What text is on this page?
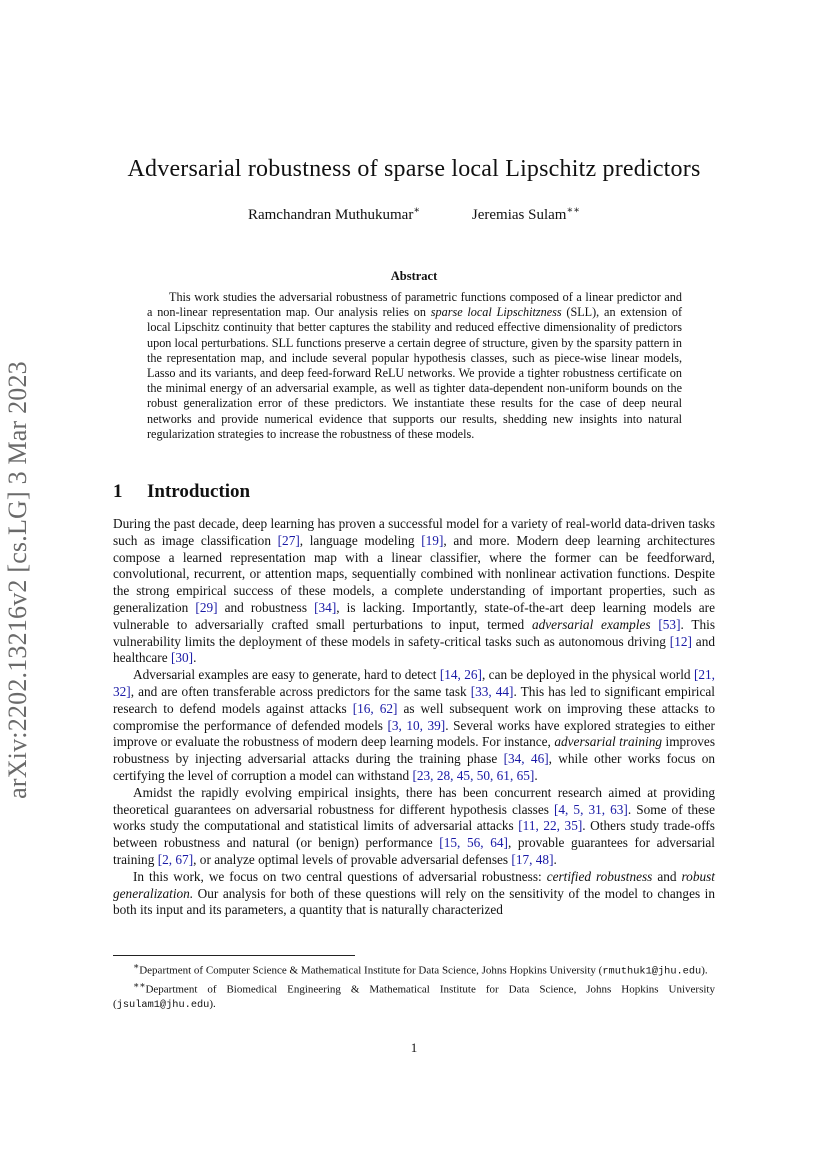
arXiv:2202.13216v2 [cs.LG] 3 Mar 2023
Adversarial robustness of sparse local Lipschitz predictors
Ramchandran Muthukumar∗	Jeremias Sulam∗∗
Abstract

This work studies the adversarial robustness of parametric functions composed of a linear predictor and a non-linear representation map. Our analysis relies on sparse local Lipschitzness (SLL), an extension of local Lipschitz continuity that better captures the stability and reduced effective dimensionality of predictors upon local perturbations. SLL functions preserve a certain degree of structure, given by the sparsity pattern in the representation map, and include several popular hypothesis classes, such as piece-wise linear models, Lasso and its variants, and deep feed-forward ReLU networks. We provide a tighter robustness certificate on the minimal energy of an adversarial example, as well as tighter data-dependent non-uniform bounds on the robust generalization error of these predictors. We instantiate these results for the case of deep neural networks and provide numerical evidence that supports our results, shedding new insights into natural regularization strategies to increase the robustness of these models.

1 Introduction

During the past decade, deep learning has proven a successful model for a variety of real-world data-driven tasks such as image classification [27], language modeling [19], and more. Modern deep learning architectures compose a learned representation map with a linear classifier, where the former can be feedforward, convolutional, recurrent, or attention maps, sequentially combined with nonlinear activation functions. Despite the strong empirical success of these models, a complete understanding of important properties, such as generalization [29] and robustness [34], is lacking. Importantly, state-of-the-art deep learning models are vulnerable to adversarially crafted small perturbations to input, termed adversarial examples [53]. This vulnerability limits the deployment of these models in safety-critical tasks such as autonomous driving [12] and healthcare [30].

Adversarial examples are easy to generate, hard to detect [14, 26], can be deployed in the physical world [21, 32], and are often transferable across predictors for the same task [33, 44]. This has led to significant empirical research to defend models against attacks [16, 62] as well subsequent work on improving these attacks to compromise the performance of defended models [3, 10, 39]. Several works have explored strategies to either improve or evaluate the robustness of modern deep learning models. For instance, adversarial training improves robustness by injecting adversarial attacks during the training phase [34, 46], while other works focus on certifying the level of corruption a model can withstand [23, 28, 45, 50, 61, 65].

Amidst the rapidly evolving empirical insights, there has been concurrent research aimed at providing theoretical guarantees on adversarial robustness for different hypothesis classes [4, 5, 31, 63]. Some of these works study the computational and statistical limits of adversarial attacks [11, 22, 35]. Others study trade-offs between robustness and natural (or benign) performance [15, 56, 64], provable guarantees for adversarial training [2, 67], or analyze optimal levels of provable adversarial defenses [17, 48].

In this work, we focus on two central questions of adversarial robustness: certified robustness and robust generalization. Our analysis for both of these questions will rely on the sensitivity of the model to changes in both its input and its parameters, a quantity that is naturally characterized

∗Department of Computer Science & Mathematical Institute for Data Science, Johns Hopkins University (rmuthuk1@jhu.edu).

∗∗Department of Biomedical Engineering & Mathematical Institute for Data Science, Johns Hopkins University (jsulam1@jhu.edu).

1
